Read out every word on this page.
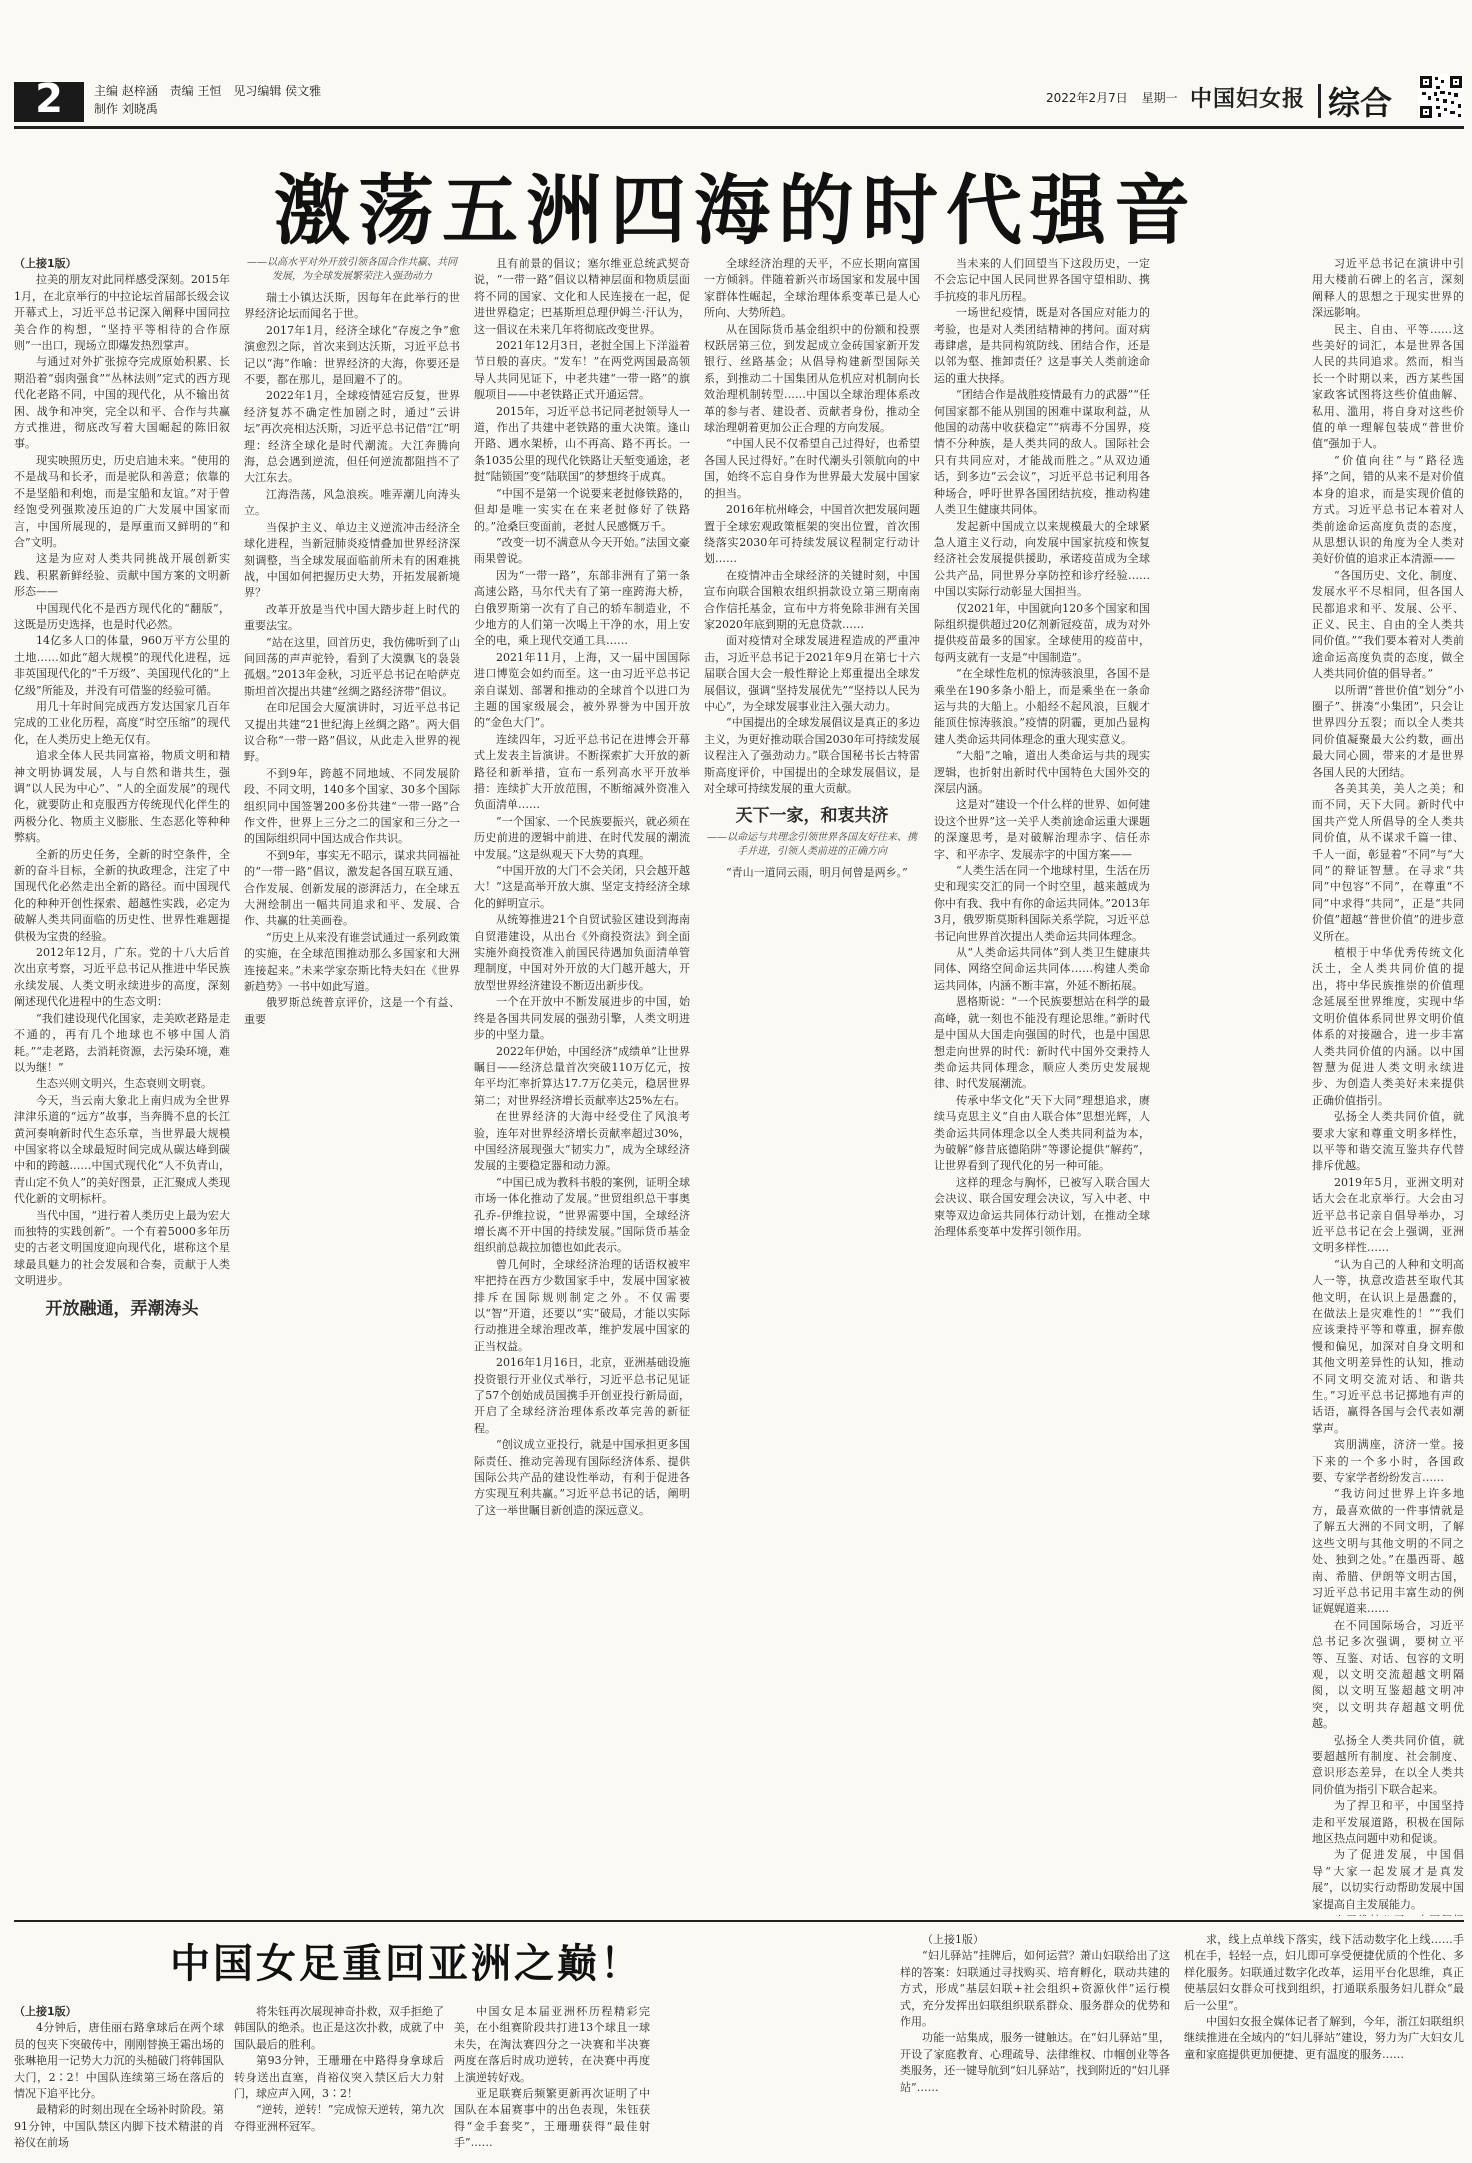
2	主编 赵梓涵 责编 王恒 见习编辑 侯文雅
制作 刘晓禹
2022年2月7日 星期一 中国妇女报 综合
激荡五洲四海的时代强音

（上接1版）

拉美的朋友对此同样感受深刻。2015年1月，在北京举行的中拉论坛首届部长级会议开幕式上，习近平总书记深入阐释中国同拉美合作的构想，“坚持平等相待的合作原则”一出口，现场立即爆发热烈掌声。

与通过对外扩张掠夺完成原始积累、长期沿着“弱肉强食”“丛林法则”定式的西方现代化老路不同，中国的现代化，从不输出贫困、战争和冲突，完全以和平、合作与共赢方式推进，彻底改写着大国崛起的陈旧叙事。

现实映照历史，历史启迪未来。“使用的不是战马和长矛，而是驼队和善意；依靠的不是坚船和利炮，而是宝船和友谊。”对于曾经饱受列强欺凌压迫的广大发展中国家而言，中国所展现的，是厚重而又鲜明的“和合”文明。

这是为应对人类共同挑战开展创新实践、积累新鲜经验、贡献中国方案的文明新形态——

中国现代化不是西方现代化的“翻版”，这既是历史选择，也是时代必然。

14亿多人口的体量，960万平方公里的土地……如此“超大规模”的现代化进程，远非英国现代化的“千万级”、美国现代化的“上亿级”所能及，并没有可借鉴的经验可循。

用几十年时间完成西方发达国家几百年完成的工业化历程，高度“时空压缩”的现代化，在人类历史上绝无仅有。

追求全体人民共同富裕，物质文明和精神文明协调发展，人与自然和谐共生，强调“以人民为中心”、“人的全面发展”的现代化，就要防止和克服西方传统现代化伴生的两极分化、物质主义膨胀、生态恶化等种种弊病。

全新的历史任务，全新的时空条件，全新的奋斗目标，全新的执政理念，注定了中国现代化必然走出全新的路径。而中国现代化的种种开创性探索、超越性实践，必定为破解人类共同面临的历史性、世界性难题提供极为宝贵的经验。

2012年12月，广东。党的十八大后首次出京考察，习近平总书记从推进中华民族永续发展、人类文明永续进步的高度，深刻阐述现代化进程中的生态文明：

“我们建设现代化国家，走美欧老路是走不通的，再有几个地球也不够中国人消耗。”“走老路，去消耗资源，去污染环境，难以为继！”

生态兴则文明兴，生态衰则文明衰。

今天，当云南大象北上南归成为全世界津津乐道的“远方”故事，当奔腾不息的长江黄河奏响新时代生态乐章，当世界最大规模中国家将以全球最短时间完成从碳达峰到碳中和的跨越……中国式现代化“人不负青山，青山定不负人”的美好图景，正汇聚成人类现代化新的文明标杆。

当代中国，“进行着人类历史上最为宏大而独特的实践创新”。一个有着5000多年历史的古老文明国度迎向现代化，堪称这个星球最具魅力的社会发展和合奏，贡献于人类文明进步。

开放融通，弄潮涛头

——以高水平对外开放引领各国合作共赢、共同发展，为全球发展繁荣注入强劲动力

瑞士小镇达沃斯，因每年在此举行的世界经济论坛而闻名于世。

2017年1月，经济全球化“存废之争”愈演愈烈之际，首次来到达沃斯，习近平总书记以“海”作喻：世界经济的大海，你要还是不要，都在那儿，是回避不了的。

2022年1月，全球疫情延宕反复，世界经济复苏不确定性加剧之时，通过“云讲坛”再次亮相达沃斯，习近平总书记借“江”明理：经济全球化是时代潮流。大江奔腾向海，总会遇到逆流，但任何逆流都阻挡不了大江东去。

江海浩荡，风急浪疾。唯弄潮儿向涛头立。

当保护主义、单边主义逆流冲击经济全球化进程，当新冠肺炎疫情叠加世界经济深刻调整，当全球发展面临前所未有的困难挑战，中国如何把握历史大势，开拓发展新境界？

改革开放是当代中国大踏步赶上时代的重要法宝。

“站在这里，回首历史，我仿佛听到了山间回荡的声声驼铃，看到了大漠飘飞的袅袅孤烟。”2013年金秋，习近平总书记在哈萨克斯坦首次提出共建“丝绸之路经济带”倡议。

在印尼国会大厦演讲时，习近平总书记又提出共建“21世纪海上丝绸之路”。两大倡议合称“一带一路”倡议，从此走入世界的视野。

不到9年，跨越不同地域、不同发展阶段、不同文明，140多个国家、30多个国际组织同中国签署200多份共建“一带一路”合作文件，世界上三分之二的国家和三分之一的国际组织同中国达成合作共识。

不到9年，事实无不昭示，谋求共同福祉的“一带一路”倡议，激发起各国互联互通、合作发展、创新发展的澎湃活力，在全球五大洲绘制出一幅共同追求和平、发展、合作、共赢的壮美画卷。

“历史上从来没有谁尝试通过一系列政策的实施，在全球范围推动那么多国家和大洲连接起来。”未来学家奈斯比特夫妇在《世界新趋势》一书中如此写道。

俄罗斯总统普京评价，这是一个有益、重要

且有前景的倡议；塞尔维亚总统武契奇说，“一带一路”倡议以精神层面和物质层面将不同的国家、文化和人民连接在一起，促进世界稳定；巴基斯坦总理伊姆兰·汗认为，这一倡议在未来几年将彻底改变世界。

2021年12月3日，老挝全国上下洋溢着节日般的喜庆。“发车！”在两党两国最高领导人共同见证下，中老共建“一带一路”的旗舰项目——中老铁路正式开通运营。

2015年，习近平总书记同老挝领导人一道，作出了共建中老铁路的重大决策。逢山开路、遇水架桥，山不再高、路不再长。一条1035公里的现代化铁路让天堑变通途，老挝“陆锁国”变“陆联国”的梦想终于成真。

“中国不是第一个说要来老挝修铁路的，但却是唯一实实在在来老挝修好了铁路的。”沧桑巨变面前，老挝人民感慨万千。

“改变一切不满意从今天开始。”法国文豪雨果曾说。

因为“一带一路”，东部非洲有了第一条高速公路，马尔代夫有了第一座跨海大桥，白俄罗斯第一次有了自己的轿车制造业，不少地方的人们第一次喝上干净的水，用上安全的电，乘上现代交通工具……

2021年11月，上海，又一届中国国际进口博览会如约而至。这一由习近平总书记亲自谋划、部署和推动的全球首个以进口为主题的国家级展会，被外界誉为中国开放的“金色大门”。

连续四年，习近平总书记在进博会开幕式上发表主旨演讲。不断探索扩大开放的新路径和新举措，宣布一系列高水平开放举措：连续扩大开放范围，不断缩减外资准入负面清单……

“一个国家、一个民族要振兴，就必须在历史前进的逻辑中前进、在时代发展的潮流中发展。”这是纵观天下大势的真理。

“中国开放的大门不会关闭，只会越开越大！”这是高举开放大旗、坚定支持经济全球化的鲜明宣示。

从统筹推进21个自贸试验区建设到海南自贸港建设，从出台《外商投资法》到全面实施外商投资准入前国民待遇加负面清单管理制度，中国对外开放的大门越开越大，开放型世界经济建设不断迈出新步伐。

一个在开放中不断发展进步的中国，始终是各国共同发展的强劲引擎，人类文明进步的中坚力量。

2022年伊始，中国经济“成绩单”让世界瞩目——经济总量首次突破110万亿元，按年平均汇率折算达17.7万亿美元，稳居世界第二；对世界经济增长贡献率达25%左右。

在世界经济的大海中经受住了风浪考验，连年对世界经济增长贡献率超过30%，中国经济展现强大“韧实力”，成为全球经济发展的主要稳定器和动力源。

“中国已成为教科书般的案例，证明全球市场一体化推动了发展。”世贸组织总干事奥孔乔-伊维拉说，“世界需要中国，全球经济增长离不开中国的持续发展。”国际货币基金组织前总裁拉加德也如此表示。

曾几何时，全球经济治理的话语权被牢牢把持在西方少数国家手中，发展中国家被排斥在国际规则制定之外。不仅需要以“智”开道，还要以“实”破局，才能以实际行动推进全球治理改革，维护发展中国家的正当权益。

2016年1月16日，北京，亚洲基础设施投资银行开业仪式举行，习近平总书记见证了57个创始成员国携手开创亚投行新局面，开启了全球经济治理体系改革完善的新征程。

“创议成立亚投行，就是中国承担更多国际责任、推动完善现有国际经济体系、提供国际公共产品的建设性举动，有利于促进各方实现互利共赢。”习近平总书记的话，阐明了这一举世瞩目新创造的深远意义。

全球经济治理的天平，不应长期向富国一方倾斜。伴随着新兴市场国家和发展中国家群体性崛起，全球治理体系变革已是人心所向、大势所趋。

从在国际货币基金组织中的份额和投票权跃居第三位，到发起成立金砖国家新开发银行、丝路基金；从倡导构建新型国际关系，到推动二十国集团从危机应对机制向长效治理机制转型……中国以全球治理体系改革的参与者、建设者、贡献者身份，推动全球治理朝着更加公正合理的方向发展。

“中国人民不仅希望自己过得好，也希望各国人民过得好。”在时代潮头引领航向的中国，始终不忘自身作为世界最大发展中国家的担当。

2016年杭州峰会，中国首次把发展问题置于全球宏观政策框架的突出位置，首次围绕落实2030年可持续发展议程制定行动计划……

在疫情冲击全球经济的关键时刻，中国宣布向联合国粮农组织捐款设立第三期南南合作信托基金，宣布中方将免除非洲有关国家2020年底到期的无息贷款……

面对疫情对全球发展进程造成的严重冲击，习近平总书记于2021年9月在第七十六届联合国大会一般性辩论上郑重提出全球发展倡议，强调“坚持发展优先”“坚持以人民为中心”，为全球发展事业注入强大动力。

“中国提出的全球发展倡议是真正的多边主义，为更好推动联合国2030年可持续发展议程注入了强劲动力。”联合国秘书长古特雷斯高度评价，中国提出的全球发展倡议，是对全球可持续发展的重大贡献。

天下一家，和衷共济

——以命运与共理念引领世界各国友好往来、携手并进，引领人类前进的正确方向

“青山一道同云雨，明月何曾是两乡。”

当未来的人们回望当下这段历史，一定不会忘记中国人民同世界各国守望相助、携手抗疫的非凡历程。

一场世纪疫情，既是对各国应对能力的考验，也是对人类团结精神的拷问。面对病毒肆虐，是共同构筑防线、团结合作，还是以邻为壑、推卸责任？这是事关人类前途命运的重大抉择。

“团结合作是战胜疫情最有力的武器”“任何国家都不能从别国的困难中谋取利益，从他国的动荡中收获稳定”“病毒不分国界，疫情不分种族，是人类共同的敌人。国际社会只有共同应对，才能战而胜之。”从双边通话，到多边“云会议”，习近平总书记利用各种场合，呼吁世界各国团结抗疫，推动构建人类卫生健康共同体。

发起新中国成立以来规模最大的全球紧急人道主义行动，向发展中国家抗疫和恢复经济社会发展提供援助，承诺疫苗成为全球公共产品，同世界分享防控和诊疗经验……中国以实际行动彰显大国担当。

仅2021年，中国就向120多个国家和国际组织提供超过20亿剂新冠疫苗，成为对外提供疫苗最多的国家。全球使用的疫苗中，每两支就有一支是“中国制造”。

“在全球性危机的惊涛骇浪里，各国不是乘坐在190多条小船上，而是乘坐在一条命运与共的大船上。小船经不起风浪，巨舰才能顶住惊涛骇浪。”疫情的阴霾，更加凸显构建人类命运共同体理念的重大现实意义。

“大船”之喻，道出人类命运与共的现实逻辑，也折射出新时代中国特色大国外交的深层内涵。

这是对“建设一个什么样的世界、如何建设这个世界”这一关乎人类前途命运重大课题的深邃思考，是对破解治理赤字、信任赤字、和平赤字、发展赤字的中国方案——

“人类生活在同一个地球村里，生活在历史和现实交汇的同一个时空里，越来越成为你中有我、我中有你的命运共同体。”2013年3月，俄罗斯莫斯科国际关系学院，习近平总书记向世界首次提出人类命运共同体理念。

从“人类命运共同体”到人类卫生健康共同体、网络空间命运共同体……构建人类命运共同体，内涵不断丰富，外延不断拓展。

恩格斯说：“一个民族要想站在科学的最高峰，就一刻也不能没有理论思维。”新时代是中国从大国走向强国的时代，也是中国思想走向世界的时代：新时代中国外交秉持人类命运共同体理念，顺应人类历史发展规律、时代发展潮流。

传承中华文化“天下大同”理想追求，赓续马克思主义“自由人联合体”思想光辉，人类命运共同体理念以全人类共同利益为本，为破解“修昔底德陷阱”等谬论提供“解药”，让世界看到了现代化的另一种可能。

这样的理念与胸怀，已被写入联合国大会决议、联合国安理会决议，写入中老、中柬等双边命运共同体行动计划，在推动全球治理体系变革中发挥引领作用。

习近平总书记在演讲中引用大楼前石碑上的名言，深刻阐释人的思想之于现实世界的深远影响。

民主、自由、平等……这些美好的词汇，本是世界各国人民的共同追求。然而，相当长一个时期以来，西方某些国家政客试图将这些价值曲解、私用、滥用，将自身对这些价值的单一理解包装成“普世价值”强加于人。

“价值向往”与“路径选择”之间，错的从来不是对价值本身的追求，而是实现价值的方式。习近平总书记本着对人类前途命运高度负责的态度，从思想认识的角度为全人类对美好价值的追求正本清源——

“各国历史、文化、制度、发展水平不尽相同，但各国人民都追求和平、发展、公平、正义、民主、自由的全人类共同价值。”“我们要本着对人类前途命运高度负责的态度，做全人类共同价值的倡导者。”

以所谓“普世价值”划分“小圈子”、拼凑“小集团”，只会让世界四分五裂；而以全人类共同价值凝聚最大公约数，画出最大同心圆，带来的才是世界各国人民的大团结。

各美其美，美人之美；和而不同，天下大同。新时代中国共产党人所倡导的全人类共同价值，从不谋求千篇一律、千人一面，彰显着“不同”与“大同”的辩证智慧。在寻求“共同”中包容“不同”，在尊重“不同”中求得“共同”，正是“共同价值”超越“普世价值”的进步意义所在。

植根于中华优秀传统文化沃土，全人类共同价值的提出，将中华民族推崇的价值理念延展至世界维度，实现中华文明价值体系同世界文明价值体系的对接融合，进一步丰富人类共同价值的内涵。以中国智慧为促进人类文明永续进步、为创造人类美好未来提供正确价值指引。

弘扬全人类共同价值，就要求大家和尊重文明多样性，以平等和谐交流互鉴共存代替排斥优越。

2019年5月，亚洲文明对话大会在北京举行。大会由习近平总书记亲自倡导举办，习近平总书记在会上强调，亚洲文明多样性……

“认为自己的人种和文明高人一等，执意改造甚至取代其他文明，在认识上是愚蠢的，在做法上是灾难性的！”“我们应该秉持平等和尊重，摒弃傲慢和偏见，加深对自身文明和其他文明差异性的认知，推动不同文明交流对话、和谐共生。”习近平总书记掷地有声的话语，赢得各国与会代表如潮掌声。

宾朋满座，济济一堂。接下来的一个多小时，各国政要、专家学者纷纷发言……

“我访问过世界上许多地方，最喜欢做的一件事情就是了解五大洲的不同文明，了解这些文明与其他文明的不同之处、独到之处。”在墨西哥、越南、希腊、伊朗等文明古国，习近平总书记用丰富生动的例证娓娓道来……

在不同国际场合，习近平总书记多次强调，要树立平等、互鉴、对话、包容的文明观，以文明交流超越文明隔阂，以文明互鉴超越文明冲突，以文明共存超越文明优越。

弘扬全人类共同价值，就要超越所有制度、社会制度、意识形态差异，在以全人类共同价值为指引下联合起来。

为了捍卫和平，中国坚持走和平发展道路，积极在国际地区热点问题中劝和促谈。

为了促进发展，中国倡导“大家一起发展才是真发展”，以切实行动帮助发展中国家提高自主发展能力。

中国女足重回亚洲之巅！

（上接1版）

4分钟后，唐佳丽右路拿球后在两个球员的包夹下突破传中，刚刚替换王霜出场的张琳艳用一记势大力沉的头槌破门将韩国队大门，2∶2！中国队连续第三场在落后的情况下追平比分。

最精彩的时刻出现在全场补时阶段。第91分钟，中国队禁区内脚下技术精湛的肖裕仪在前场

将朱钰再次展现神奇扑救，双手拒绝了韩国队的绝杀。也正是这次扑救，成就了中国队最后的胜利。

第93分钟，王珊珊在中路得身拿球后转身送出直塞，肖裕仪突入禁区后大力射门，球应声入网，3∶2！

“逆转，逆转！”完成惊天逆转，第九次夺得亚洲杯冠军。

中国女足本届亚洲杯历程精彩完美，在小组赛阶段共打进13个球且一球未失，在淘汰赛四分之一决赛和半决赛两度在落后时成功逆转，在决赛中再度上演逆转好戏。

亚足联赛后频繁更新再次证明了中国队在本届赛事中的出色表现，朱钰获得“金手套奖”，王珊珊获得“最佳射手”……

（上接1版）

“妇儿驿站”挂牌后，如何运营？萧山妇联给出了这样的答案：妇联通过寻找购买、培育孵化，联动共建的方式，形成“基层妇联+社会组织+资源伙伴”运行模式，充分发挥出妇联组织联系群众、服务群众的优势和作用。

功能一站集成，服务一键触达。在“妇儿驿站”里，开设了家庭教育、心理疏导、法律维权、巾帼创业等各类服务，还一键导航到“妇儿驿站”，找到附近的“妇儿驿站”……

求，线上点单线下落实，线下活动数字化上线……手机在手，轻轻一点，妇儿即可享受便捷优质的个性化、多样化服务。妇联通过数字化改革，运用平台化思维，真正使基层妇女群众可找到组织，打通联系服务妇儿群众“最后一公里”。

中国妇女报全媒体记者了解到，今年，浙江妇联组织继续推进在全域内的“妇儿驿站”建设，努力为广大妇女儿童和家庭提供更加便捷、更有温度的服务……
